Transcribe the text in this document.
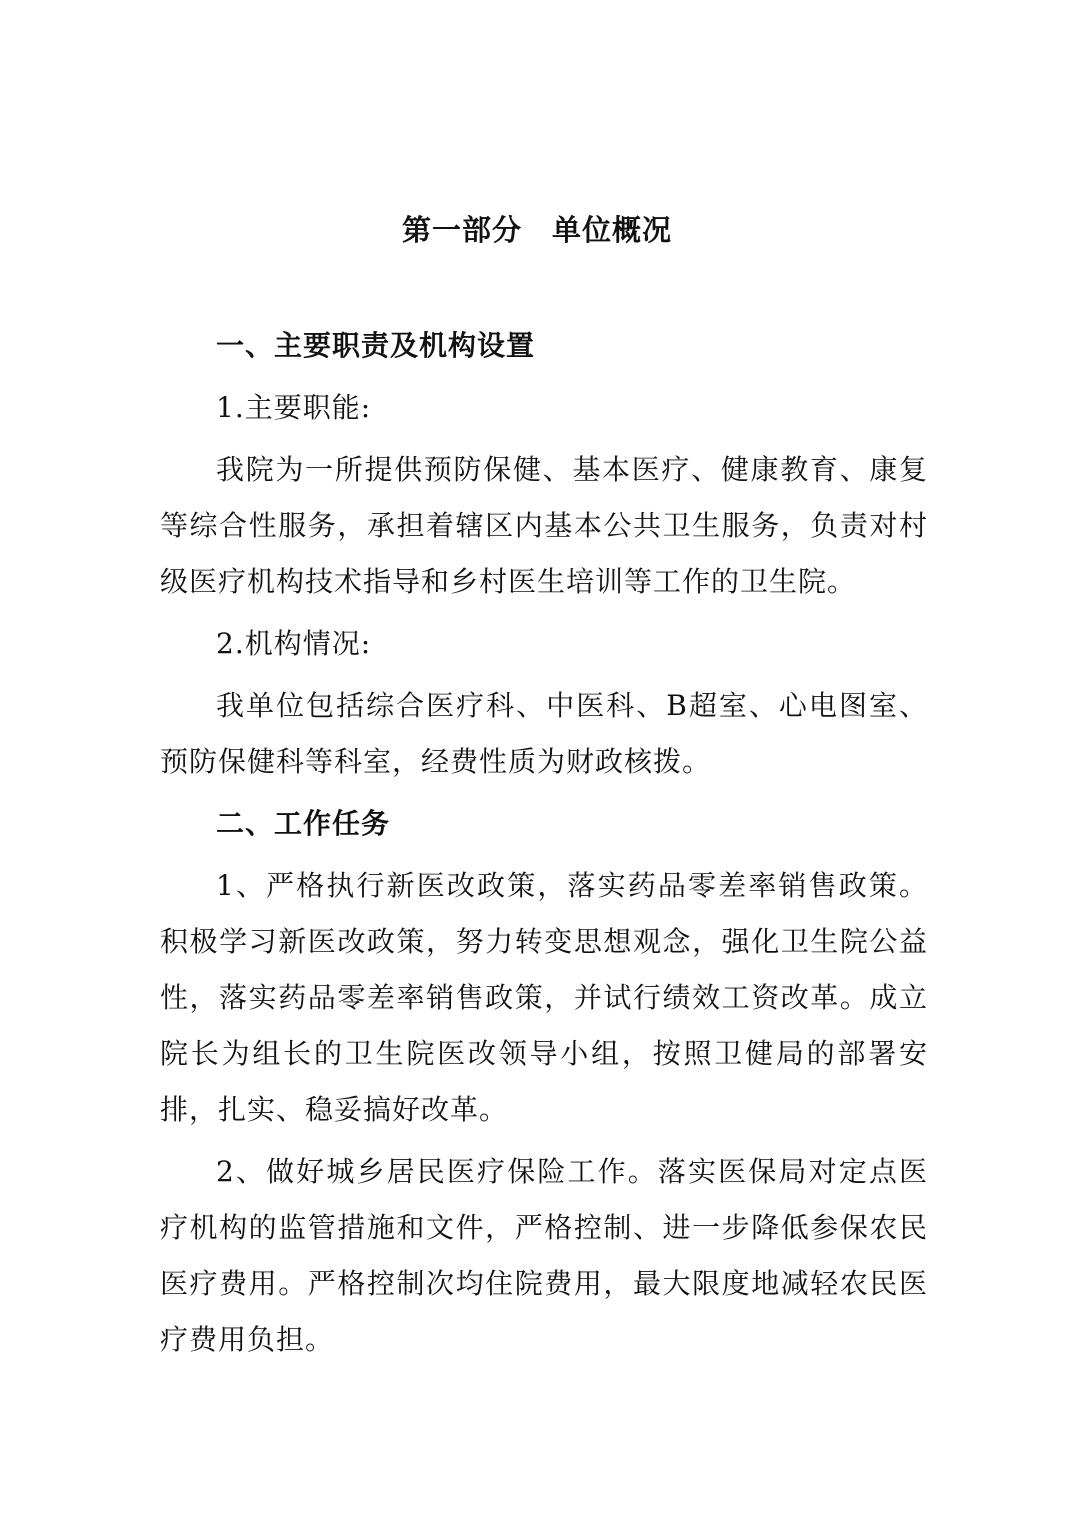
第一部分　单位概况
一、主要职责及机构设置

1.主要职能:

我院为一所提供预防保健、基本医疗、健康教育、康复等综合性服务，承担着辖区内基本公共卫生服务，负责对村级医疗机构技术指导和乡村医生培训等工作的卫生院。

2.机构情况:

我单位包括综合医疗科、中医科、B超室、心电图室、预防保健科等科室，经费性质为财政核拨。

二、工作任务

1、严格执行新医改政策，落实药品零差率销售政策。积极学习新医改政策，努力转变思想观念，强化卫生院公益性，落实药品零差率销售政策，并试行绩效工资改革。成立院长为组长的卫生院医改领导小组，按照卫健局的部署安排，扎实、稳妥搞好改革。

2、做好城乡居民医疗保险工作。落实医保局对定点医疗机构的监管措施和文件，严格控制、进一步降低参保农民医疗费用。严格控制次均住院费用，最大限度地减轻农民医疗费用负担。
